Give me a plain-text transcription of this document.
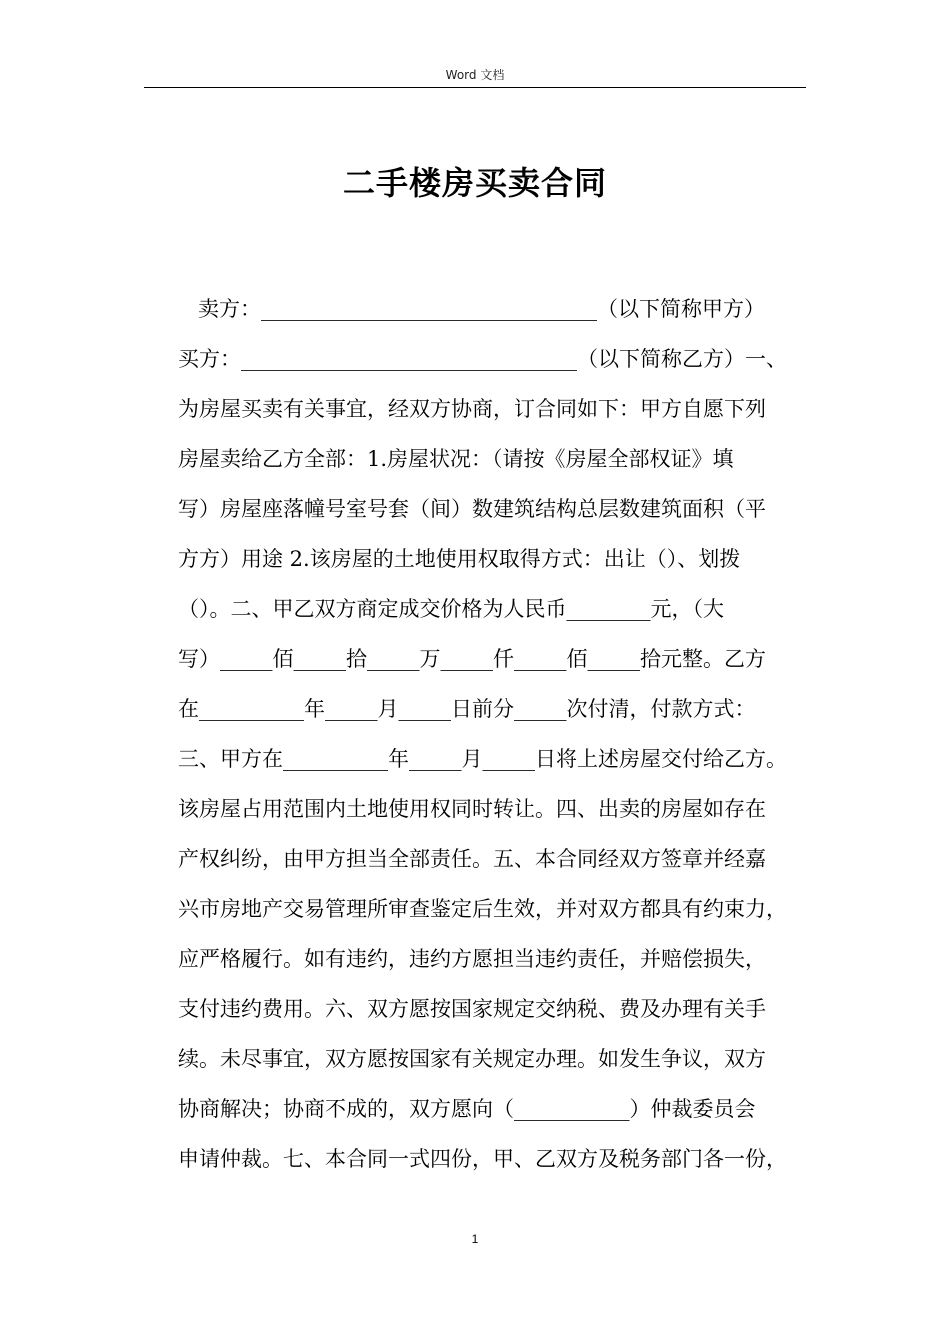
Word 文档
二手楼房买卖合同
卖方：________________________________（以下简称甲方）
买方：________________________________（以下简称乙方）一、
为房屋买卖有关事宜，经双方协商，订合同如下：甲方自愿下列
房屋卖给乙方全部：1.房屋状况：（请按《房屋全部权证》填
写）房屋座落幢号室号套（间）数建筑结构总层数建筑面积（平
方方）用途 2.该房屋的土地使用权取得方式：出让（）、划拨
（）。二、甲乙双方商定成交价格为人民币________元，（大
写）_____佰_____拾_____万_____仟_____佰_____拾元整。乙方
在__________年_____月_____日前分_____次付清，付款方式：
三、甲方在__________年_____月_____日将上述房屋交付给乙方。
该房屋占用范围内土地使用权同时转让。四、出卖的房屋如存在
产权纠纷，由甲方担当全部责任。五、本合同经双方签章并经嘉
兴市房地产交易管理所审查鉴定后生效，并对双方都具有约束力，
应严格履行。如有违约，违约方愿担当违约责任，并赔偿损失，
支付违约费用。六、双方愿按国家规定交纳税、费及办理有关手
续。未尽事宜，双方愿按国家有关规定办理。如发生争议，双方
协商解决；协商不成的，双方愿向（___________）仲裁委员会
申请仲裁。七、本合同一式四份，甲、乙双方及税务部门各一份，
1
